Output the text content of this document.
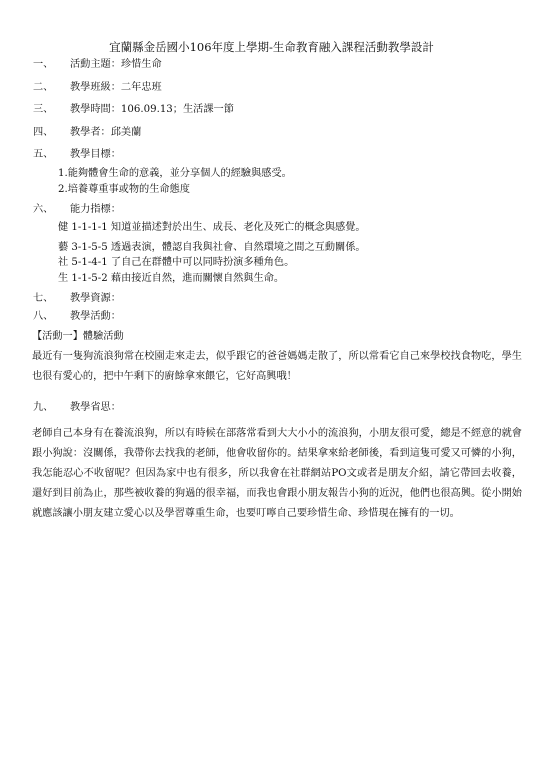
宜蘭縣金岳國小106年度上學期-生命教育融入課程活動教學設計
一、	活動主題：珍惜生命
二、	教學班級：二年忠班
三、	教學時間：106.09.13；生活課一節
四、	教學者：邱美蘭
五、	教學目標：
1.能夠體會生命的意義，並分享個人的經驗與感受。
2.培養尊重事或物的生命態度
六、	能力指標：
健 1-1-1-1 知道並描述對於出生、成長、老化及死亡的概念與感覺。
藝 3-1-5-5 透過表演，體認自我與社會、自然環境之間之互動關係。
社 5-1-4-1 了自己在群體中可以同時扮演多種角色。
生 1-1-5-2 藉由接近自然，進而關懷自然與生命。
七、	教學資源：
八、	教學活動：
【活動一】體驗活動
最近有一隻狗流浪狗常在校園走來走去，似乎跟它的爸爸媽媽走散了，所以常看它自己來學校找食物吃，學生也很有愛心的，把中午剩下的廚餘拿來餵它，它好高興哦！
九、	教學省思：
老師自己本身有在養流浪狗，所以有時候在部落常看到大大小小的流浪狗，小朋友很可愛，總是不經意的就會跟小狗說：沒關係，我帶你去找我的老師，他會收留你的。結果拿來給老師後，看到這隻可愛又可憐的小狗，我怎能忍心不收留呢？但因為家中也有很多，所以我會在社群網站PO文或者是朋友介紹，請它帶回去收養，還好到目前為止，那些被收養的狗過的很幸福，而我也會跟小朋友報告小狗的近況，他們也很高興。從小開始就應該讓小朋友建立愛心以及學習尊重生命，也要叮嚀自己要珍惜生命、珍惜現在擁有的一切。
